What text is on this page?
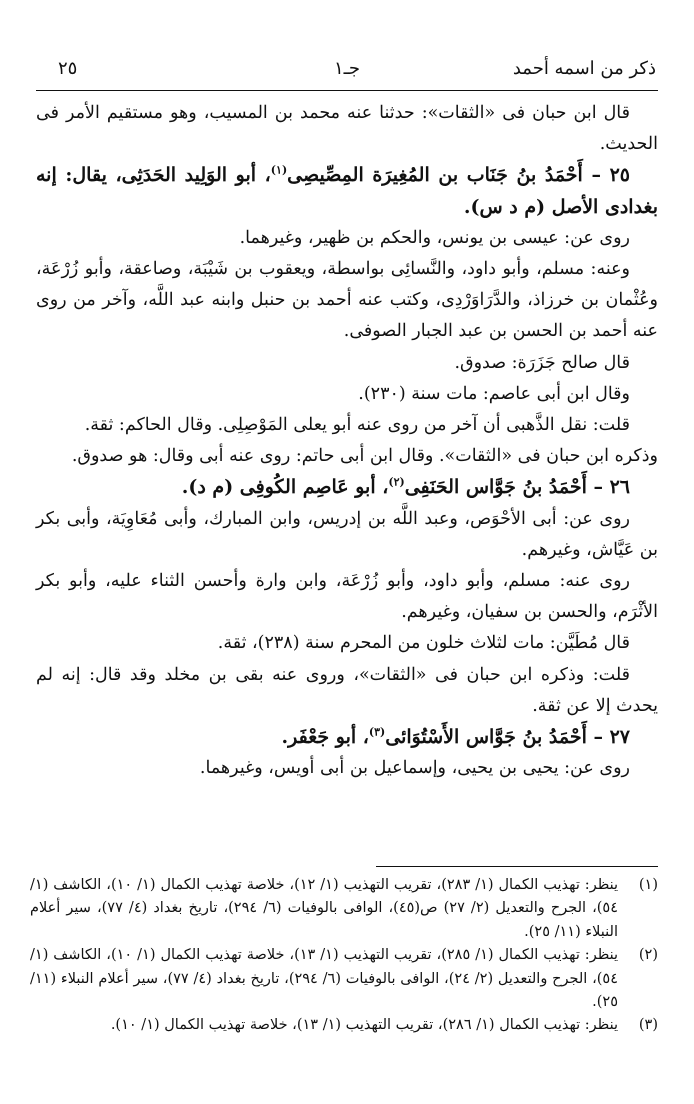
ذكر من اسمه أحمد
جـ١
٢٥

قال ابن حبان فى «الثقات»: حدثنا عنه محمد بن المسيب، وهو مستقيم الأمر فى الحديث.

٢٥ – أَحْمَدُ بنُ جَنَاب بن المُغِيرَة المِصِّيصِى$^{(١)}$، أبو الوَلِيد الحَدَثِى، يقال: إنه بغدادى الأصل (م د س).

روى عن: عيسى بن يونس، والحكم بن ظهير، وغيرهما.

وعنه: مسلم، وأبو داود، والنَّسائِى بواسطة، ويعقوب بن شَيْبَة، وصاعقة، وأبو زُرْعَة، وعُثْمان بن خرزاذ، والدَّرَاوَرْدِى، وكتب عنه أحمد بن حنبل وابنه عبد اللَّه، وآخر من روى عنه أحمد بن الحسن بن عبد الجبار الصوفى.

قال صالح جَزَرَة: صدوق.

وقال ابن أبى عاصم: مات سنة (٢٣٠).

قلت: نقل الذَّهبى أن آخر من روى عنه أبو يعلى المَوْصِلِى. وقال الحاكم: ثقة.

وذكره ابن حبان فى «الثقات». وقال ابن أبى حاتم: روى عنه أبى وقال: هو صدوق.

٢٦ – أَحْمَدُ بنُ جَوَّاس الحَنَفِى$^{(٢)}$، أبو عَاصِم الكُوفِى (م د).

روى عن: أبى الأحْوَص، وعبد اللَّه بن إدريس، وابن المبارك، وأبى مُعَاوِيَة، وأبى بكر بن عَيَّاش، وغيرهم.

روى عنه: مسلم، وأبو داود، وأبو زُرْعَة، وابن وارة وأحسن الثناء عليه، وأبو بكر الأثْرَم، والحسن بن سفيان، وغيرهم.

قال مُطَيَّن: مات لثلاث خلون من المحرم سنة (٢٣٨)، ثقة.

قلت: وذكره ابن حبان فى «الثقات»، وروى عنه بقى بن مخلد وقد قال: إنه لم يحدث إلا عن ثقة.

٢٧ – أَحْمَدُ بنُ جَوَّاس الأَسْتُوَائى$^{(٣)}$، أبو جَعْفَر.

روى عن: يحيى بن يحيى، وإسماعيل بن أبى أويس، وغيرهما.

(١)
ينظر: تهذيب الكمال (١/ ٢٨٣)، تقريب التهذيب (١/ ١٢)، خلاصة تهذيب الكمال (١/ ١٠)، الكاشف (١/ ٥٤)، الجرح والتعديل (٢/ ٢٧) ص(٤٥)، الوافى بالوفيات (٦/ ٢٩٤)، تاريخ بغداد (٤/ ٧٧)، سير أعلام النبلاء (١١/ ٢٥).

(٢)
ينظر: تهذيب الكمال (١/ ٢٨٥)، تقريب التهذيب (١/ ١٣)، خلاصة تهذيب الكمال (١/ ١٠)، الكاشف (١/ ٥٤)، الجرح والتعديل (٢/ ٢٤)، الوافى بالوفيات (٦/ ٢٩٤)، تاريخ بغداد (٤/ ٧٧)، سير أعلام النبلاء (١١/ ٢٥).

(٣)
ينظر: تهذيب الكمال (١/ ٢٨٦)، تقريب التهذيب (١/ ١٣)، خلاصة تهذيب الكمال (١/ ١٠).
